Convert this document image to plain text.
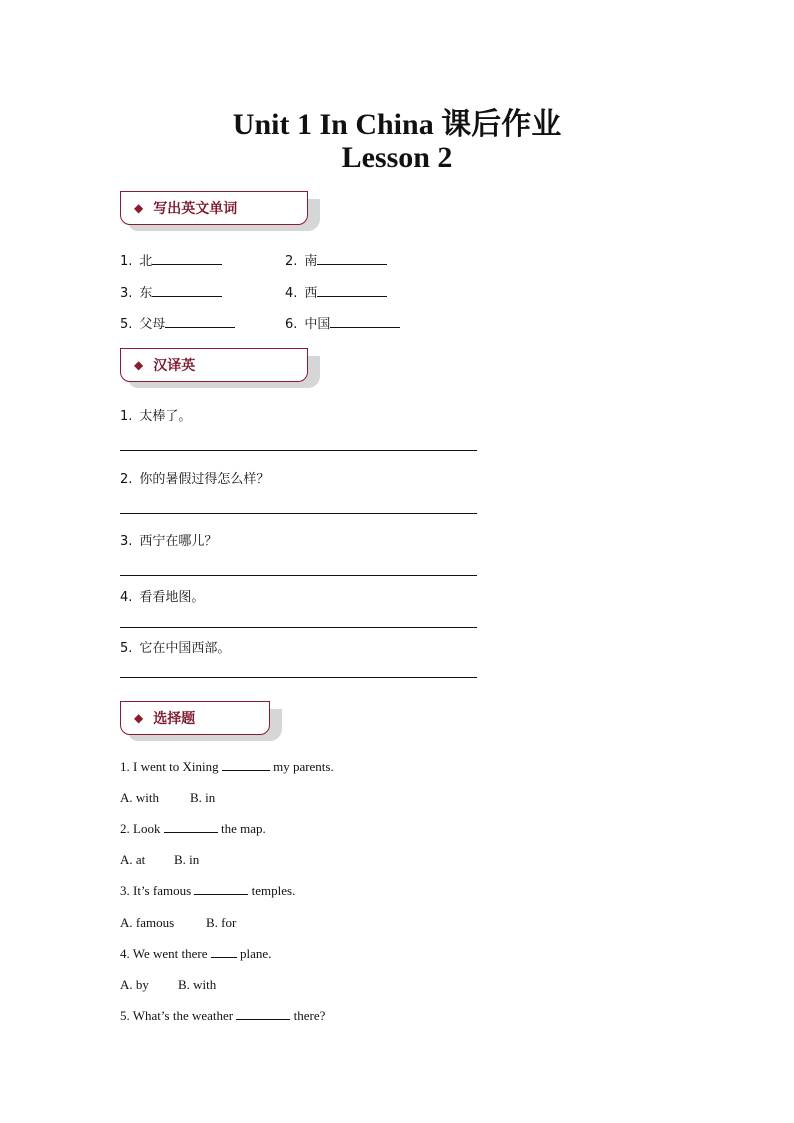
Unit 1 In China 课后作业
Lesson 2
◆ 写出英文单词
1. 北	2. 南
3. 东	4. 西
5. 父母	6. 中国
◆ 汉译英
1. 太棒了。
2. 你的暑假过得怎么样？
3. 西宁在哪儿？
4. 看看地图。
5. 它在中国西部。
◆ 选择题
1. I went to Xining	my parents.
A. with B. in
2. Look	the map.
A. at B. in
3. It’s famous	temples.
A. famous B. for
4. We went there	plane.
A. by B. with
5. What’s the weather	there?
